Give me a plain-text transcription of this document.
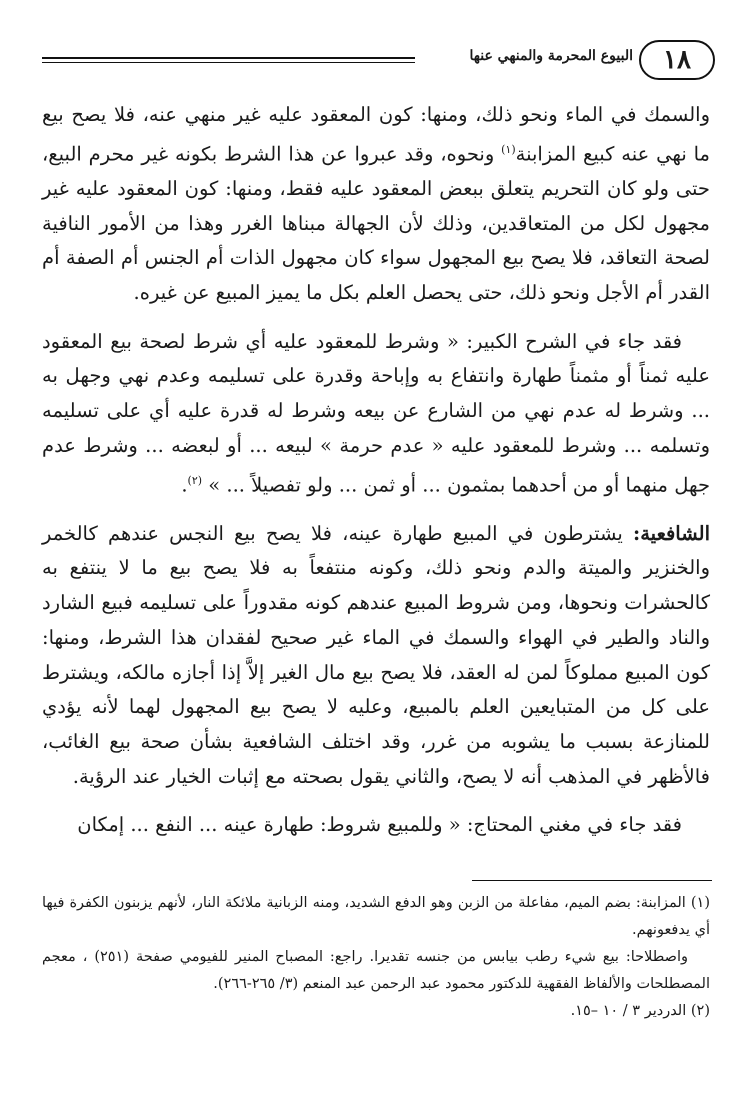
١٨
البيوع المحرمة والمنهي عنها

والسمك في الماء ونحو ذلك، ومنها: كون المعقود عليه غير منهي عنه، فلا يصح بيع ما نهي عنه كبيع المزابنة$^{(١)}$ ونحوه، وقد عبروا عن هذا الشرط بكونه غير محرم البيع، حتى ولو كان التحريم يتعلق ببعض المعقود عليه فقط، ومنها: كون المعقود عليه غير مجهول لكل من المتعاقدين، وذلك لأن الجهالة مبناها الغرر وهذا من الأمور النافية لصحة التعاقد، فلا يصح بيع المجهول سواء كان مجهول الذات أم الجنس أم الصفة أم القدر أم الأجل ونحو ذلك، حتى يحصل العلم بكل ما يميز المبيع عن غيره.

فقد جاء في الشرح الكبير: « وشرط للمعقود عليه أي شرط لصحة بيع المعقود عليه ثمناً أو مثمناً طهارة وانتفاع به وإباحة وقدرة على تسليمه وعدم نهي وجهل به ... وشرط له عدم نهي من الشارع عن بيعه وشرط له قدرة عليه أي على تسليمه وتسلمه ... وشرط للمعقود عليه « عدم حرمة » لبيعه ... أو لبعضه ... وشرط عدم جهل منهما أو من أحدهما بمثمون ... أو ثمن ... ولو تفصيلاً ... » $^{(٢)}$.

الشافعية: يشترطون في المبيع طهارة عينه، فلا يصح بيع النجس عندهم كالخمر والخنزير والميتة والدم ونحو ذلك، وكونه منتفعاً به فلا يصح بيع ما لا ينتفع به كالحشرات ونحوها، ومن شروط المبيع عندهم كونه مقدوراً على تسليمه فبيع الشارد والناد والطير في الهواء والسمك في الماء غير صحيح لفقدان هذا الشرط، ومنها: كون المبيع مملوكاً لمن له العقد، فلا يصح بيع مال الغير إلاَّ إذا أجازه مالكه، ويشترط على كل من المتبايعين العلم بالمبيع، وعليه لا يصح بيع المجهول لهما لأنه يؤدي للمنازعة بسبب ما يشوبه من غرر، وقد اختلف الشافعية بشأن صحة بيع الغائب، فالأظهر في المذهب أنه لا يصح، والثاني يقول بصحته مع إثبات الخيار عند الرؤية.

فقد جاء في مغني المحتاج: « وللمبيع شروط: طهارة عينه ... النفع ... إمكان

(١) المزابنة: بضم الميم، مفاعلة من الزبن وهو الدفع الشديد، ومنه الزبانية ملائكة النار، لأنهم يزبنون الكفرة فيها أي يدفعونهم.

واصطلاحا: بيع شيء رطب بيابس من جنسه تقديرا. راجع: المصباح المنير للفيومي صفحة (٢٥١) ، معجم المصطلحات والألفاظ الفقهية للدكتور محمود عبد الرحمن عبد المنعم (٣/ ٢٦٥-٢٦٦).

(٢) الدردير ٣ / ١٠ –١٥.
